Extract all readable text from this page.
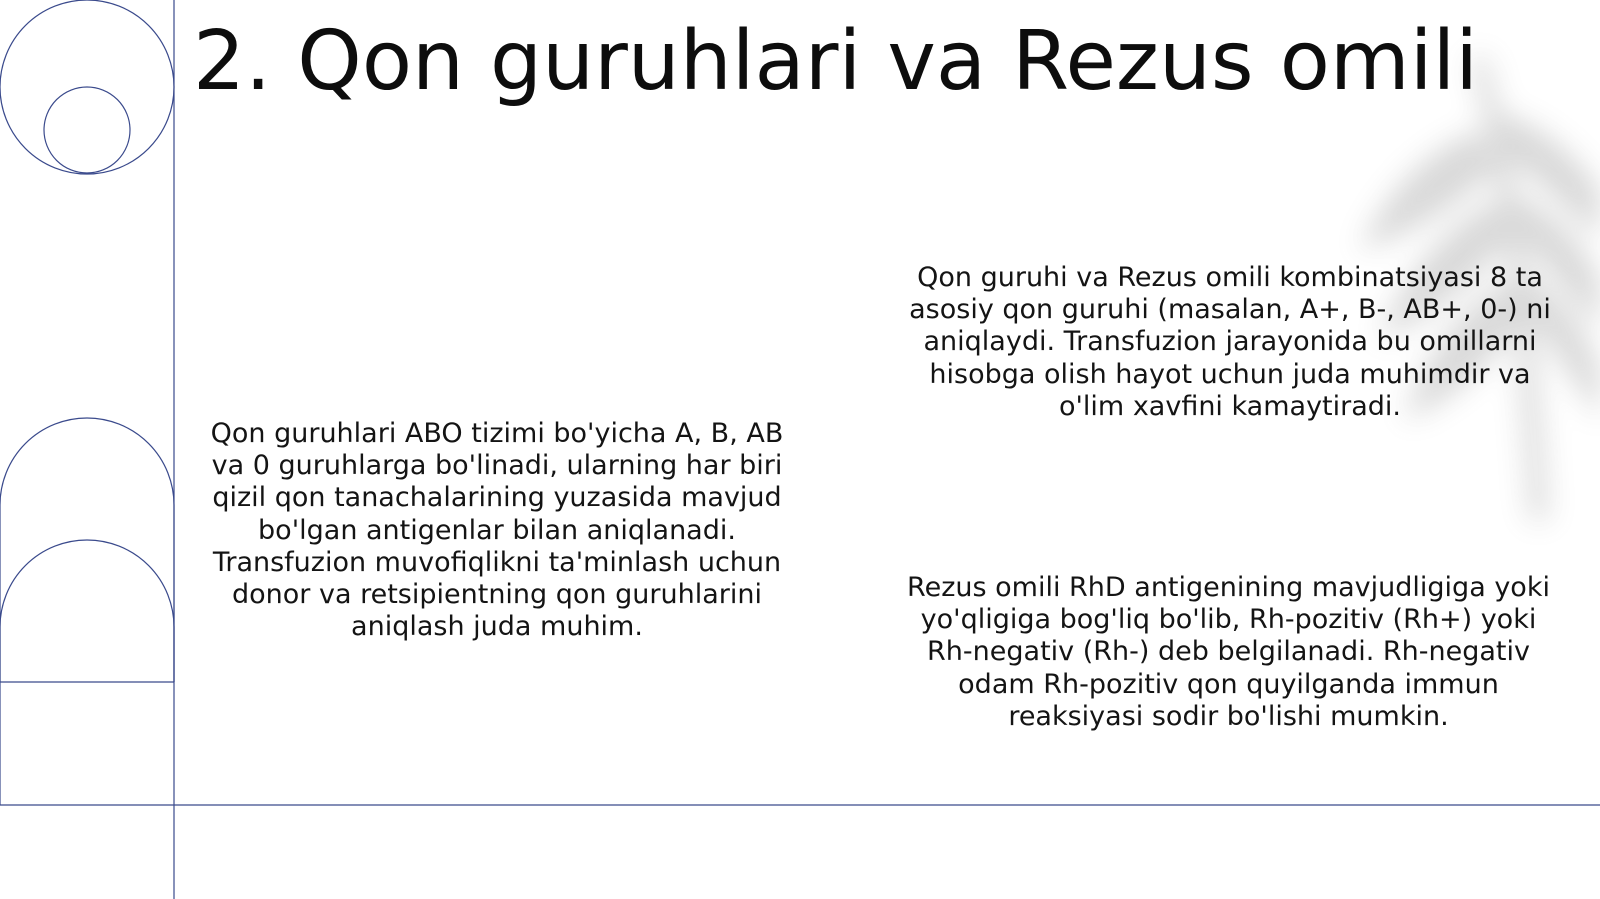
2. Qon guruhlari va Rezus omili

Qon guruhlari ABO tizimi bo'yicha A, B, AB va 0 guruhlarga bo'linadi, ularning har biri qizil qon tanachalarining yuzasida mavjud bo'lgan antigenlar bilan aniqlanadi. Transfuzion muvofiqlikni ta'minlash uchun donor va retsipientning qon guruhlarini aniqlash juda muhim.

Qon guruhi va Rezus omili kombinatsiyasi 8 ta asosiy qon guruhi (masalan, A+, B-, AB+, 0-) ni aniqlaydi. Transfuzion jarayonida bu omillarni hisobga olish hayot uchun juda muhimdir va o'lim xavfini kamaytiradi.

Rezus omili RhD antigenining mavjudligiga yoki yo'qligiga bog'liq bo'lib, Rh-pozitiv (Rh+) yoki Rh-negativ (Rh-) deb belgilanadi. Rh-negativ odam Rh-pozitiv qon quyilganda immun reaksiyasi sodir bo'lishi mumkin.
